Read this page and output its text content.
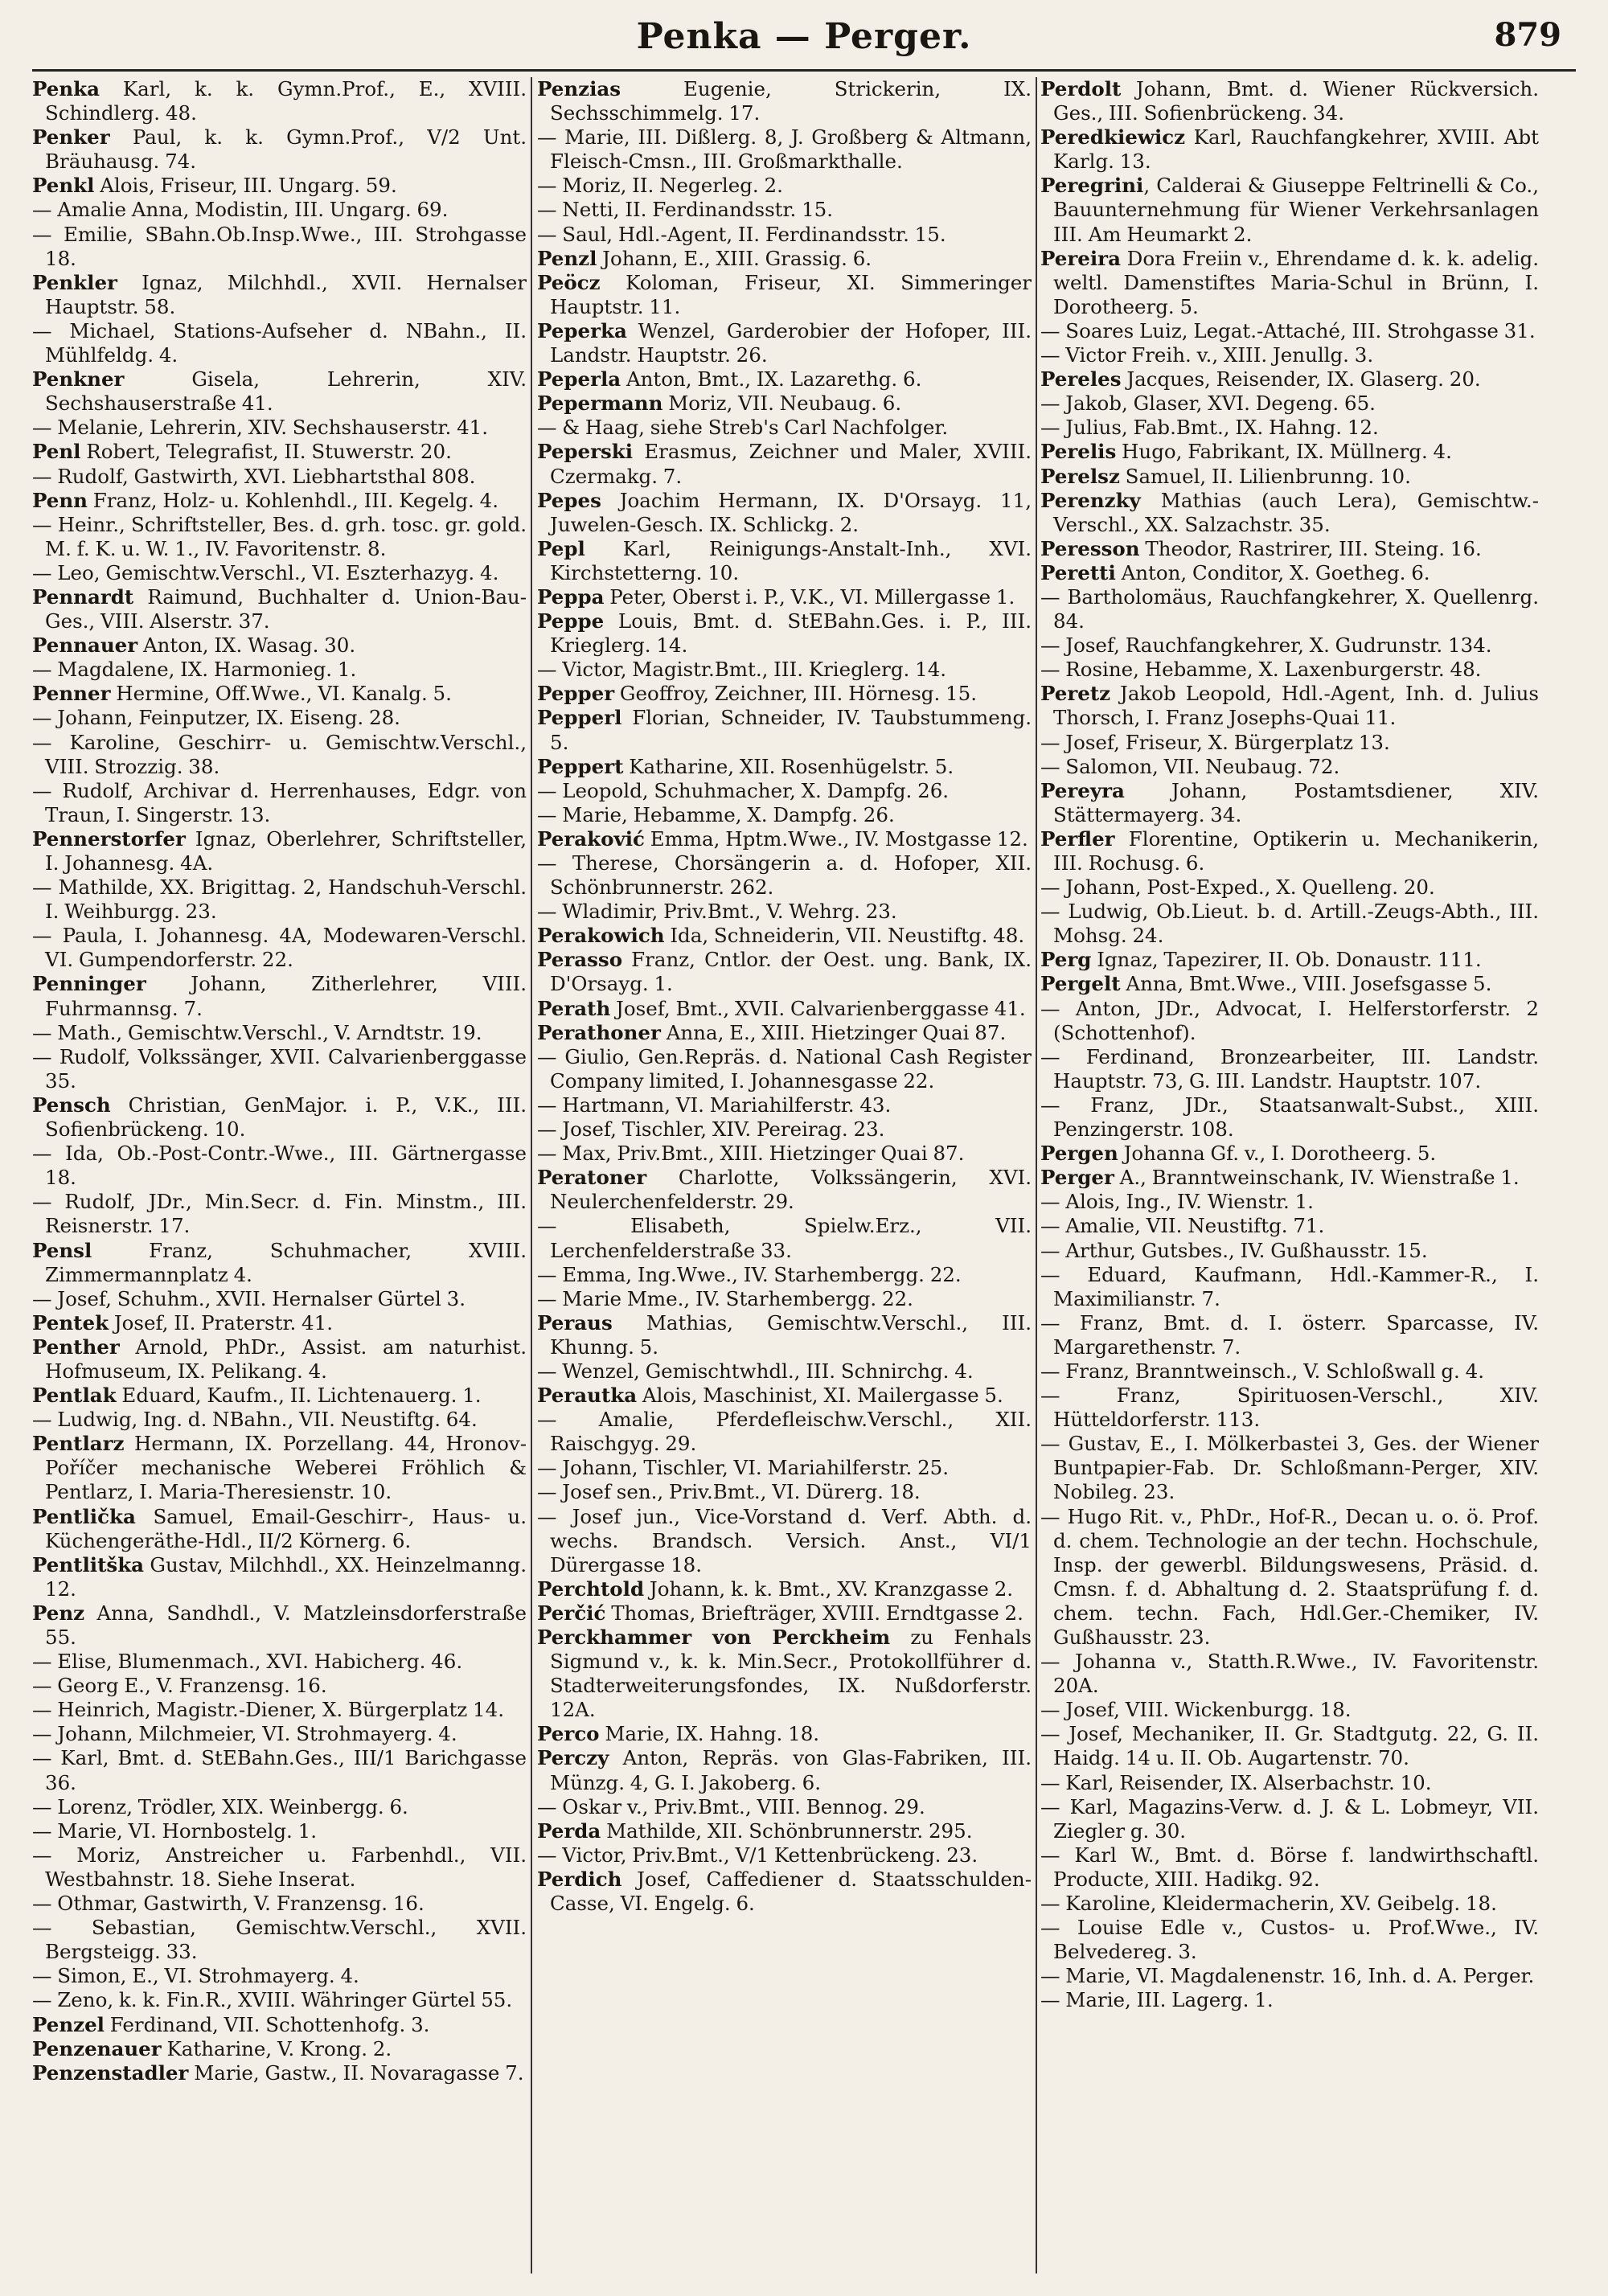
Penka — Perger.	879
Penka Karl, k. k. Gymn.Prof., E., XVIII. Schindlerg. 48.
Penker Paul, k. k. Gymn.Prof., V/2 Unt. Bräuhausg. 74.
Penkl Alois, Friseur, III. Ungarg. 59.
— Amalie Anna, Modistin, III. Ungarg. 69.
— Emilie, SBahn.Ob.Insp.Wwe., III. Strohgasse 18.
Penkler Ignaz, Milchhdl., XVII. Hernalser Hauptstr. 58.
— Michael, Stations-Aufseher d. NBahn., II. Mühlfeldg. 4.
Penkner Gisela, Lehrerin, XIV. Sechshauserstraße 41.
— Melanie, Lehrerin, XIV. Sechshauserstr. 41.
Penl Robert, Telegrafist, II. Stuwerstr. 20.
— Rudolf, Gastwirth, XVI. Liebhartsthal 808.
Penn Franz, Holz- u. Kohlenhdl., III. Kegelg. 4.
— Heinr., Schriftsteller, Bes. d. grh. tosc. gr. gold. M. f. K. u. W. 1., IV. Favoritenstr. 8.
— Leo, Gemischtw.Verschl., VI. Eszterhazyg. 4.
Pennardt Raimund, Buchhalter d. Union-Bau-Ges., VIII. Alserstr. 37.
Pennauer Anton, IX. Wasag. 30.
— Magdalene, IX. Harmonieg. 1.
Penner Hermine, Off.Wwe., VI. Kanalg. 5.
— Johann, Feinputzer, IX. Eiseng. 28.
— Karoline, Geschirr- u. Gemischtw.Verschl., VIII. Strozzig. 38.
— Rudolf, Archivar d. Herrenhauses, Edgr. von Traun, I. Singerstr. 13.
Pennerstorfer Ignaz, Oberlehrer, Schriftsteller, I. Johannesg. 4A.
— Mathilde, XX. Brigittag. 2, Handschuh-Verschl. I. Weihburgg. 23.
— Paula, I. Johannesg. 4A, Modewaren-Verschl. VI. Gumpendorferstr. 22.
Penninger Johann, Zitherlehrer, VIII. Fuhrmannsg. 7.
— Math., Gemischtw.Verschl., V. Arndtstr. 19.
— Rudolf, Volkssänger, XVII. Calvarienberggasse 35.
Pensch Christian, GenMajor. i. P., V.K., III. Sofienbrückeng. 10.
— Ida, Ob.-Post-Contr.-Wwe., III. Gärtnergasse 18.
— Rudolf, JDr., Min.Secr. d. Fin. Minstm., III. Reisnerstr. 17.
Pensl Franz, Schuhmacher, XVIII. Zimmermannplatz 4.
— Josef, Schuhm., XVII. Hernalser Gürtel 3.
Pentek Josef, II. Praterstr. 41.
Penther Arnold, PhDr., Assist. am naturhist. Hofmuseum, IX. Pelikang. 4.
Pentlak Eduard, Kaufm., II. Lichtenauerg. 1.
— Ludwig, Ing. d. NBahn., VII. Neustiftg. 64.
Pentlarz Hermann, IX. Porzellang. 44, Hronov-Poříčer mechanische Weberei Fröhlich & Pentlarz, I. Maria-Theresienstr. 10.
Pentlička Samuel, Email-Geschirr-, Haus- u. Küchengeräthe-Hdl., II/2 Körnerg. 6.
Pentlitška Gustav, Milchhdl., XX. Heinzelmanng. 12.
Penz Anna, Sandhdl., V. Matzleinsdorferstraße 55.
— Elise, Blumenmach., XVI. Habicherg. 46.
— Georg E., V. Franzensg. 16.
— Heinrich, Magistr.-Diener, X. Bürgerplatz 14.
— Johann, Milchmeier, VI. Strohmayerg. 4.
— Karl, Bmt. d. StEBahn.Ges., III/1 Barichgasse 36.
— Lorenz, Trödler, XIX. Weinbergg. 6.
— Marie, VI. Hornbostelg. 1.
— Moriz, Anstreicher u. Farbenhdl., VII. Westbahnstr. 18. Siehe Inserat.
— Othmar, Gastwirth, V. Franzensg. 16.
— Sebastian, Gemischtw.Verschl., XVII. Bergsteigg. 33.
— Simon, E., VI. Strohmayerg. 4.
— Zeno, k. k. Fin.R., XVIII. Währinger Gürtel 55.
Penzel Ferdinand, VII. Schottenhofg. 3.
Penzenauer Katharine, V. Krong. 2.
Penzenstadler Marie, Gastw., II. Novaragasse 7.
Penzias Eugenie, Strickerin, IX. Sechsschimmelg. 17.
— Marie, III. Dißlerg. 8, J. Großberg & Altmann, Fleisch-Cmsn., III. Großmarkthalle.
— Moriz, II. Negerleg. 2.
— Netti, II. Ferdinandsstr. 15.
— Saul, Hdl.-Agent, II. Ferdinandsstr. 15.
Penzl Johann, E., XIII. Grassig. 6.
Peöcz Koloman, Friseur, XI. Simmeringer Hauptstr. 11.
Peperka Wenzel, Garderobier der Hofoper, III. Landstr. Hauptstr. 26.
Peperla Anton, Bmt., IX. Lazarethg. 6.
Pepermann Moriz, VII. Neubaug. 6.
— & Haag, siehe Streb's Carl Nachfolger.
Peperski Erasmus, Zeichner und Maler, XVIII. Czermakg. 7.
Pepes Joachim Hermann, IX. D'Orsayg. 11, Juwelen-Gesch. IX. Schlickg. 2.
Pepl Karl, Reinigungs-Anstalt-Inh., XVI. Kirchstetterng. 10.
Peppa Peter, Oberst i. P., V.K., VI. Millergasse 1.
Peppe Louis, Bmt. d. StEBahn.Ges. i. P., III. Krieglerg. 14.
— Victor, Magistr.Bmt., III. Krieglerg. 14.
Pepper Geoffroy, Zeichner, III. Hörnesg. 15.
Pepperl Florian, Schneider, IV. Taubstummeng. 5.
Peppert Katharine, XII. Rosenhügelstr. 5.
— Leopold, Schuhmacher, X. Dampfg. 26.
— Marie, Hebamme, X. Dampfg. 26.
Peraković Emma, Hptm.Wwe., IV. Mostgasse 12.
— Therese, Chorsängerin a. d. Hofoper, XII. Schönbrunnerstr. 262.
— Wladimir, Priv.Bmt., V. Wehrg. 23.
Perakowich Ida, Schneiderin, VII. Neustiftg. 48.
Perasso Franz, Cntlor. der Oest. ung. Bank, IX. D'Orsayg. 1.
Perath Josef, Bmt., XVII. Calvarienberggasse 41.
Perathoner Anna, E., XIII. Hietzinger Quai 87.
— Giulio, Gen.Repräs. d. National Cash Register Company limited, I. Johannesgasse 22.
— Hartmann, VI. Mariahilferstr. 43.
— Josef, Tischler, XIV. Pereirag. 23.
— Max, Priv.Bmt., XIII. Hietzinger Quai 87.
Peratoner Charlotte, Volkssängerin, XVI. Neulerchenfelderstr. 29.
— Elisabeth, Spielw.Erz., VII. Lerchenfelderstraße 33.
— Emma, Ing.Wwe., IV. Starhembergg. 22.
— Marie Mme., IV. Starhembergg. 22.
Peraus Mathias, Gemischtw.Verschl., III. Khunng. 5.
— Wenzel, Gemischtwhdl., III. Schnirchg. 4.
Perautka Alois, Maschinist, XI. Mailergasse 5.
— Amalie, Pferdefleischw.Verschl., XII. Raischgyg. 29.
— Johann, Tischler, VI. Mariahilferstr. 25.
— Josef sen., Priv.Bmt., VI. Dürerg. 18.
— Josef jun., Vice-Vorstand d. Verf. Abth. d. wechs. Brandsch. Versich. Anst., VI/1 Dürergasse 18.
Perchtold Johann, k. k. Bmt., XV. Kranzgasse 2.
Perčić Thomas, Briefträger, XVIII. Erndtgasse 2.
Perckhammer von Perckheim zu Fenhals Sigmund v., k. k. Min.Secr., Protokollführer d. Stadterweiterungsfondes, IX. Nußdorferstr. 12A.
Perco Marie, IX. Hahng. 18.
Perczy Anton, Repräs. von Glas-Fabriken, III. Münzg. 4, G. I. Jakoberg. 6.
— Oskar v., Priv.Bmt., VIII. Bennog. 29.
Perda Mathilde, XII. Schönbrunnerstr. 295.
— Victor, Priv.Bmt., V/1 Kettenbrückeng. 23.
Perdich Josef, Caffediener d. Staatsschulden-Casse, VI. Engelg. 6.
Perdolt Johann, Bmt. d. Wiener Rückversich. Ges., III. Sofienbrückeng. 34.
Peredkiewicz Karl, Rauchfangkehrer, XVIII. Abt Karlg. 13.
Peregrini, Calderai & Giuseppe Feltrinelli & Co., Bauunternehmung für Wiener Verkehrsanlagen III. Am Heumarkt 2.
Pereira Dora Freiin v., Ehrendame d. k. k. adelig. weltl. Damenstiftes Maria-Schul in Brünn, I. Dorotheerg. 5.
— Soares Luiz, Legat.-Attaché, III. Strohgasse 31.
— Victor Freih. v., XIII. Jenullg. 3.
Pereles Jacques, Reisender, IX. Glaserg. 20.
— Jakob, Glaser, XVI. Degeng. 65.
— Julius, Fab.Bmt., IX. Hahng. 12.
Perelis Hugo, Fabrikant, IX. Müllnerg. 4.
Perelsz Samuel, II. Lilienbrunng. 10.
Perenzky Mathias (auch Lera), Gemischtw.-Verschl., XX. Salzachstr. 35.
Peresson Theodor, Rastrirer, III. Steing. 16.
Peretti Anton, Conditor, X. Goetheg. 6.
— Bartholomäus, Rauchfangkehrer, X. Quellenrg. 84.
— Josef, Rauchfangkehrer, X. Gudrunstr. 134.
— Rosine, Hebamme, X. Laxenburgerstr. 48.
Peretz Jakob Leopold, Hdl.-Agent, Inh. d. Julius Thorsch, I. Franz Josephs-Quai 11.
— Josef, Friseur, X. Bürgerplatz 13.
— Salomon, VII. Neubaug. 72.
Pereyra Johann, Postamtsdiener, XIV. Stättermayerg. 34.
Perfler Florentine, Optikerin u. Mechanikerin, III. Rochusg. 6.
— Johann, Post-Exped., X. Quelleng. 20.
— Ludwig, Ob.Lieut. b. d. Artill.-Zeugs-Abth., III. Mohsg. 24.
Perg Ignaz, Tapezirer, II. Ob. Donaustr. 111.
Pergelt Anna, Bmt.Wwe., VIII. Josefsgasse 5.
— Anton, JDr., Advocat, I. Helferstorferstr. 2 (Schottenhof).
— Ferdinand, Bronzearbeiter, III. Landstr. Hauptstr. 73, G. III. Landstr. Hauptstr. 107.
— Franz, JDr., Staatsanwalt-Subst., XIII. Penzingerstr. 108.
Pergen Johanna Gf. v., I. Dorotheerg. 5.
Perger A., Branntweinschank, IV. Wienstraße 1.
— Alois, Ing., IV. Wienstr. 1.
— Amalie, VII. Neustiftg. 71.
— Arthur, Gutsbes., IV. Gußhausstr. 15.
— Eduard, Kaufmann, Hdl.-Kammer-R., I. Maximilianstr. 7.
— Franz, Bmt. d. I. österr. Sparcasse, IV. Margarethenstr. 7.
— Franz, Branntweinsch., V. Schloßwall g. 4.
— Franz, Spirituosen-Verschl., XIV. Hütteldorferstr. 113.
— Gustav, E., I. Mölkerbastei 3, Ges. der Wiener Buntpapier-Fab. Dr. Schloßmann-Perger, XIV. Nobileg. 23.
— Hugo Rit. v., PhDr., Hof-R., Decan u. o. ö. Prof. d. chem. Technologie an der techn. Hochschule, Insp. der gewerbl. Bildungswesens, Präsid. d. Cmsn. f. d. Abhaltung d. 2. Staatsprüfung f. d. chem. techn. Fach, Hdl.Ger.-Chemiker, IV. Gußhausstr. 23.
— Johanna v., Statth.R.Wwe., IV. Favoritenstr. 20A.
— Josef, VIII. Wickenburgg. 18.
— Josef, Mechaniker, II. Gr. Stadtgutg. 22, G. II. Haidg. 14 u. II. Ob. Augartenstr. 70.
— Karl, Reisender, IX. Alserbachstr. 10.
— Karl, Magazins-Verw. d. J. & L. Lobmeyr, VII. Ziegler g. 30.
— Karl W., Bmt. d. Börse f. landwirthschaftl. Producte, XIII. Hadikg. 92.
— Karoline, Kleidermacherin, XV. Geibelg. 18.
— Louise Edle v., Custos- u. Prof.Wwe., IV. Belvedereg. 3.
— Marie, VI. Magdalenenstr. 16, Inh. d. A. Perger.
— Marie, III. Lagerg. 1.
